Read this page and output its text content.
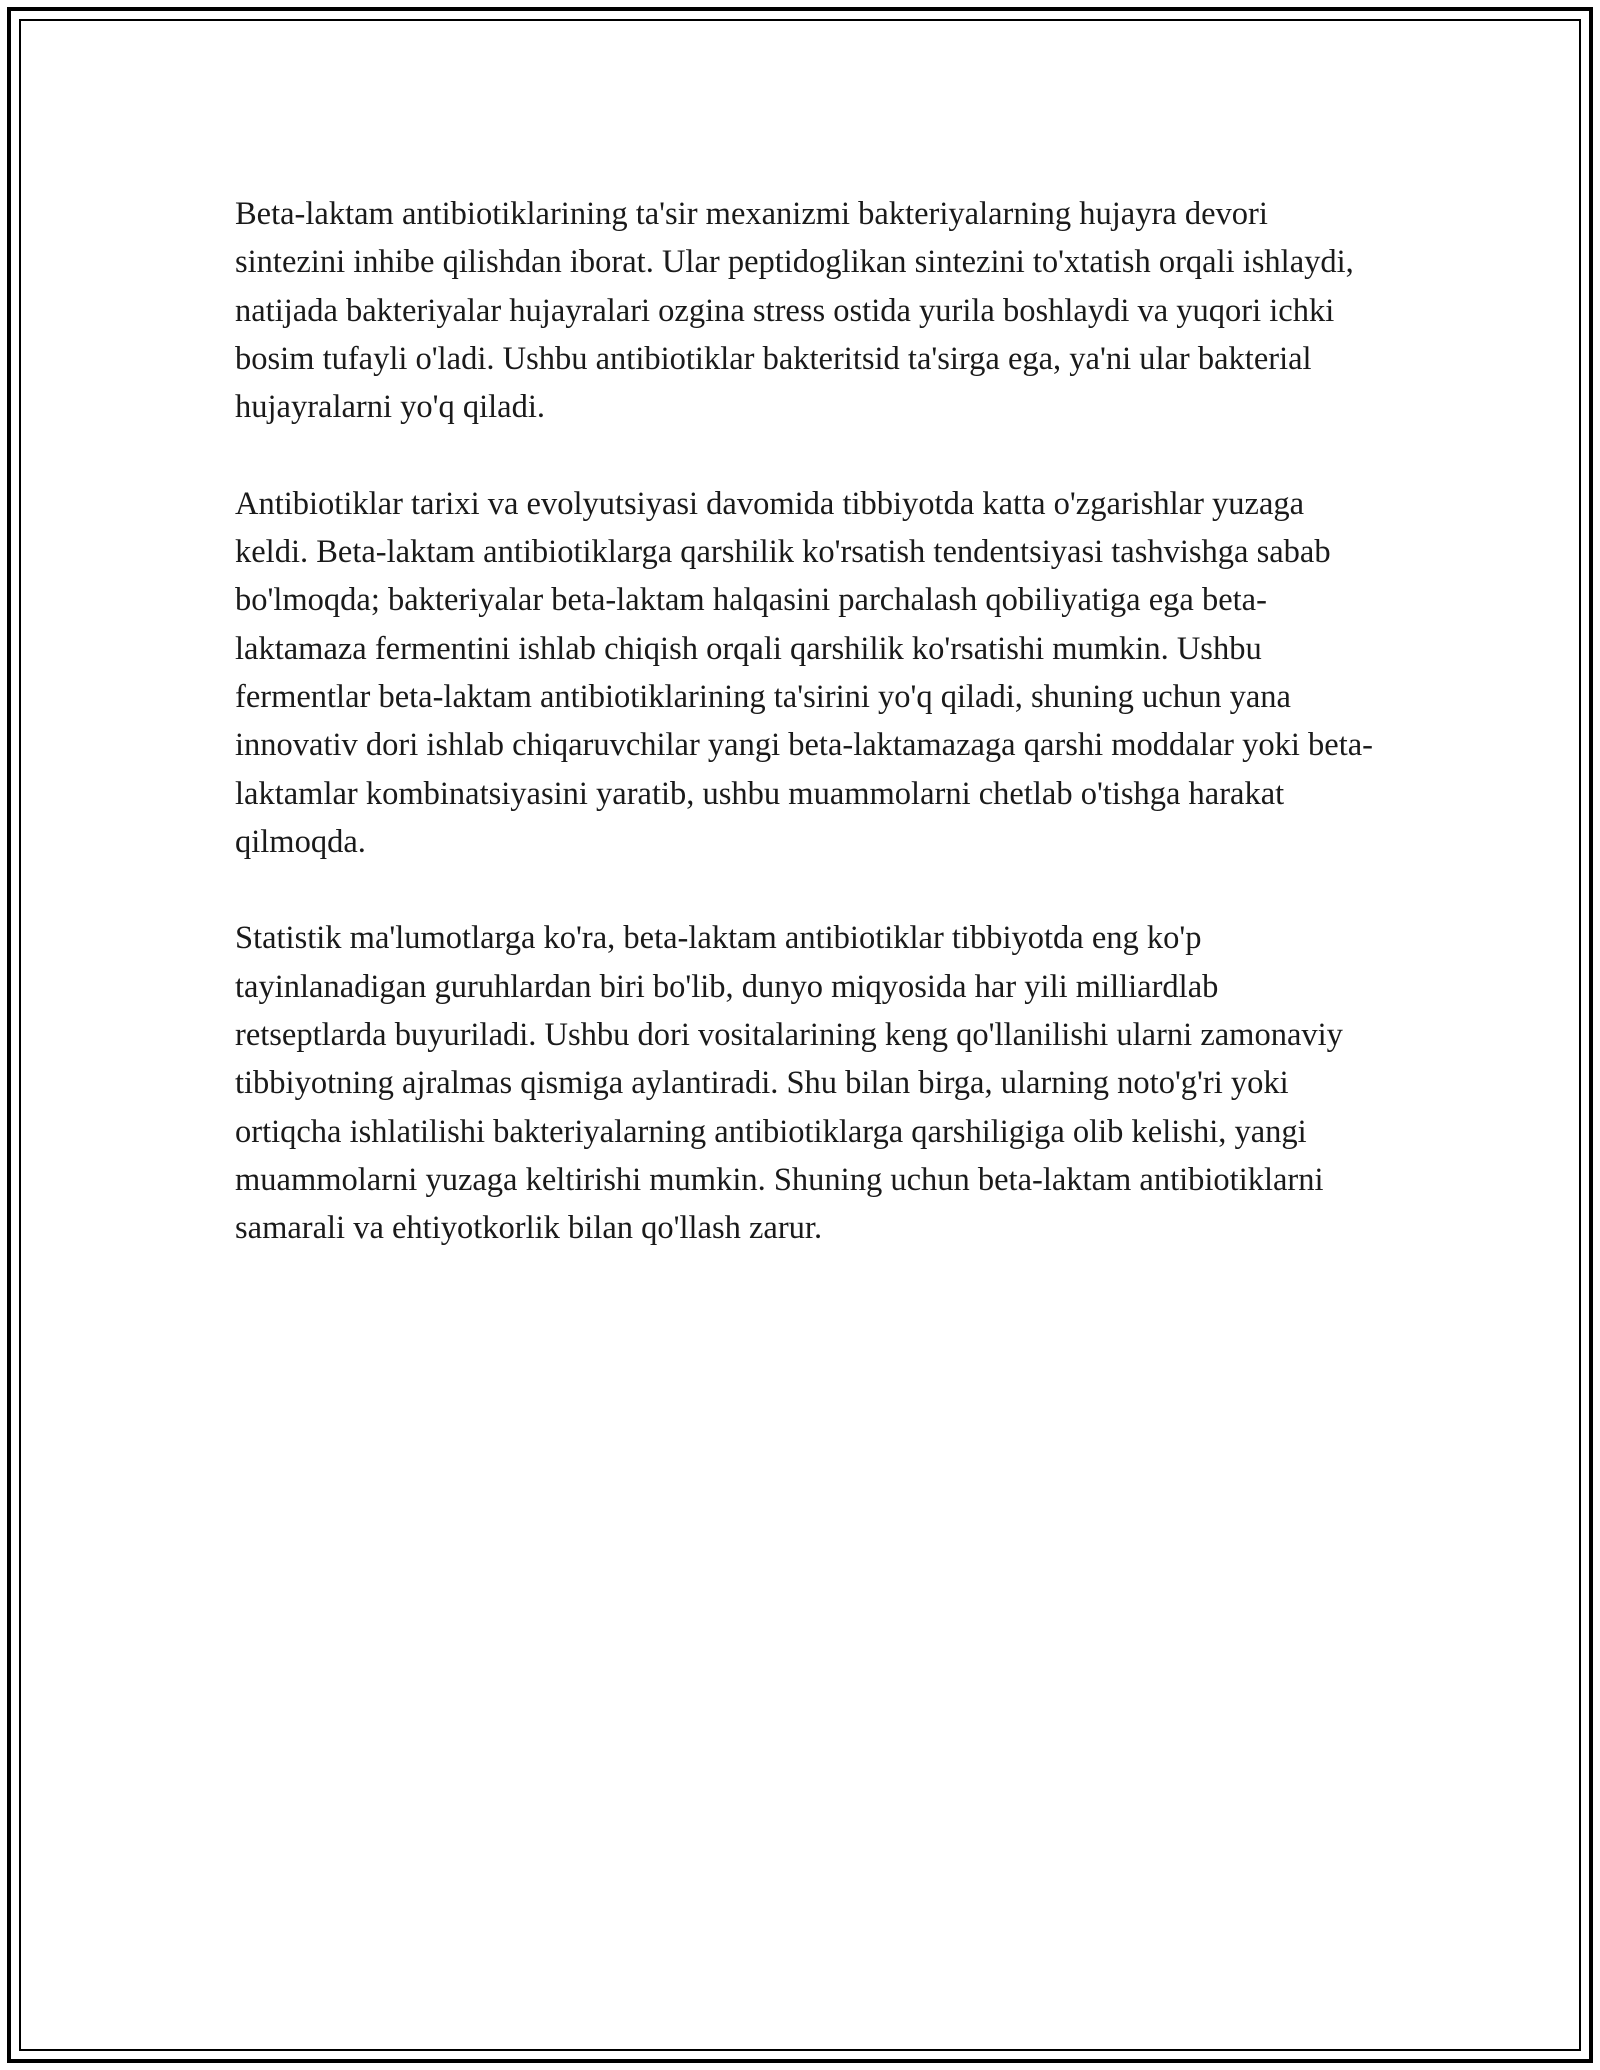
Beta-laktam antibiotiklarining ta'sir mexanizmi bakteriyalarning hujayra devori sintezini inhibe qilishdan iborat. Ular peptidoglikan sintezini to'xtatish orqali ishlaydi, natijada bakteriyalar hujayralari ozgina stress ostida yurila boshlaydi va yuqori ichki bosim tufayli o'ladi. Ushbu antibiotiklar bakteritsid ta'sirga ega, ya'ni ular bakterial hujayralarni yo'q qiladi.

Antibiotiklar tarixi va evolyutsiyasi davomida tibbiyotda katta o'zgarishlar yuzaga keldi. Beta-laktam antibiotiklarga qarshilik ko'rsatish tendentsiyasi tashvishga sabab bo'lmoqda; bakteriyalar beta-laktam halqasini parchalash qobiliyatiga ega beta-laktamaza fermentini ishlab chiqish orqali qarshilik ko'rsatishi mumkin. Ushbu fermentlar beta-laktam antibiotiklarining ta'sirini yo'q qiladi, shuning uchun yana innovativ dori ishlab chiqaruvchilar yangi beta-laktamazaga qarshi moddalar yoki beta-laktamlar kombinatsiyasini yaratib, ushbu muammolarni chetlab o'tishga harakat qilmoqda.

Statistik ma'lumotlarga ko'ra, beta-laktam antibiotiklar tibbiyotda eng ko'p tayinlanadigan guruhlardan biri bo'lib, dunyo miqyosida har yili milliardlab retseptlarda buyuriladi. Ushbu dori vositalarining keng qo'llanilishi ularni zamonaviy tibbiyotning ajralmas qismiga aylantiradi. Shu bilan birga, ularning noto'g'ri yoki ortiqcha ishlatilishi bakteriyalarning antibiotiklarga qarshiligiga olib kelishi, yangi muammolarni yuzaga keltirishi mumkin. Shuning uchun beta-laktam antibiotiklarni samarali va ehtiyotkorlik bilan qo'llash zarur.
